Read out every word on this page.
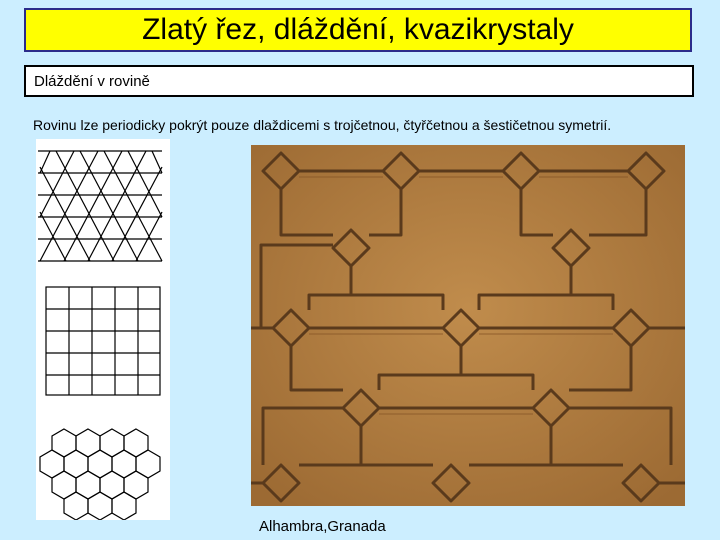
Zlatý řez, dláždění, kvazikrystaly
Dláždění v rovině
Rovinu lze periodicky pokrýt pouze dlaždicemi s trojčetnou, čtyřčetnou a šestičetnou symetrií.
Alhambra,Granada
